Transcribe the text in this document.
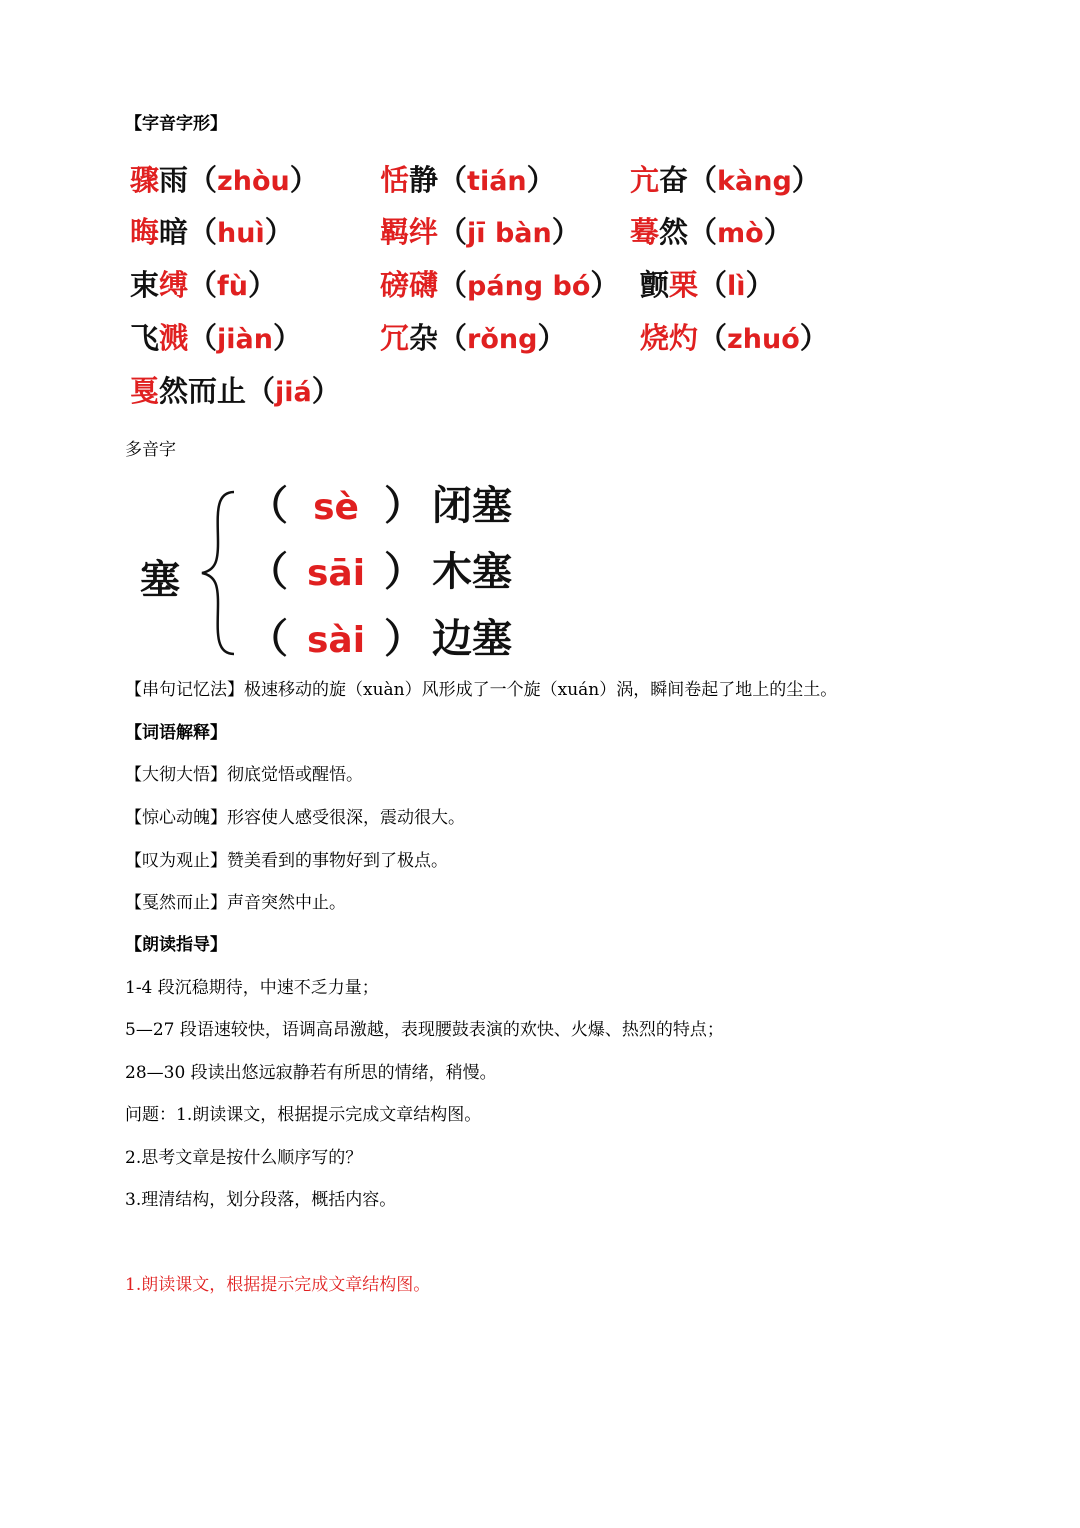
【字音字形】
骤雨（zhòu） 恬静（tián）	亢奋（kàng）
晦暗（huì）	羁绊（jī bàn） 蓦然（mò）
束缚（fù）	磅礴（páng bó） 颤栗（lì）
飞溅（jiàn）	冗杂（rǒng）	烧灼（zhuó）
戛然而止（jiá）
多音字
塞
（ sè ） 闭塞
（ sāi ） 木塞
（ sài ） 边塞
【串句记忆法】极速移动的旋（xuàn）风形成了一个旋（xuán）涡，瞬间卷起了地上的尘土。
【词语解释】
【大彻大悟】彻底觉悟或醒悟。
【惊心动魄】形容使人感受很深，震动很大。
【叹为观止】赞美看到的事物好到了极点。
【戛然而止】声音突然中止。
【朗读指导】
1-4 段沉稳期待，中速不乏力量；
5—27 段语速较快，语调高昂激越，表现腰鼓表演的欢快、火爆、热烈的特点；
28—30 段读出悠远寂静若有所思的情绪，稍慢。
问题：1.朗读课文，根据提示完成文章结构图。
2.思考文章是按什么顺序写的？
3.理清结构，划分段落，概括内容。
1.朗读课文，根据提示完成文章结构图。
